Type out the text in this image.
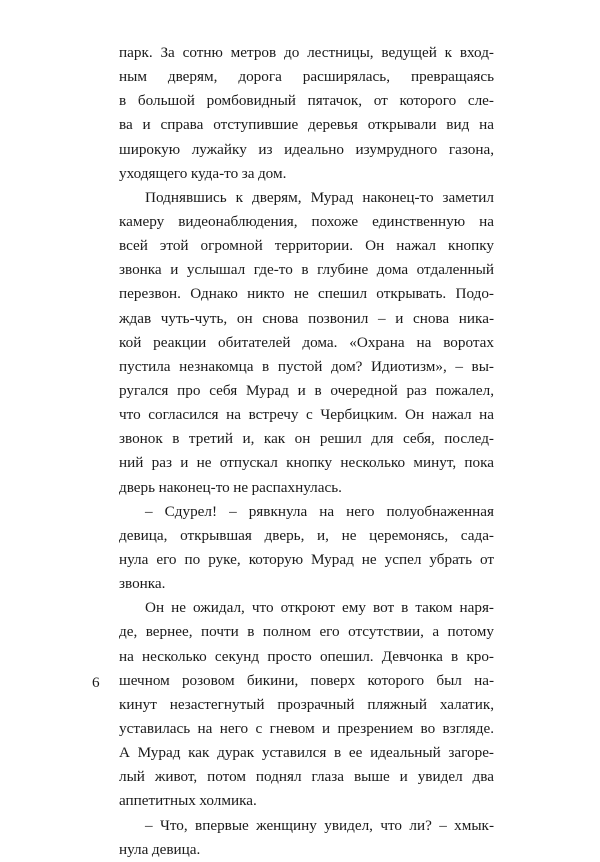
парк. За сотню метров до лестницы, ведущей к вход-
ным дверям, дорога расширялась, превращаясь
в большой ромбовидный пятачок, от которого сле-
ва и справа отступившие деревья открывали вид на
широкую лужайку из идеально изумрудного газона,
уходящего куда-то за дом.

Поднявшись к дверям, Мурад наконец-то заметил
камеру видеонаблюдения, похоже единственную на
всей этой огромной территории. Он нажал кнопку
звонка и услышал где-то в глубине дома отдаленный
перезвон. Однако никто не спешил открывать. Подо-
ждав чуть-чуть, он снова позвонил – и снова ника-
кой реакции обитателей дома. «Охрана на воротах
пустила незнакомца в пустой дом? Идиотизм», – вы-
ругался про себя Мурад и в очередной раз пожалел,
что согласился на встречу с Чербицким. Он нажал на
звонок в третий и, как он решил для себя, послед-
ний раз и не отпускал кнопку несколько минут, пока
дверь наконец-то не распахнулась.

– Сдурел! – рявкнула на него полуобнаженная
девица, открывшая дверь, и, не церемонясь, сада-
нула его по руке, которую Мурад не успел убрать от
звонка.

Он не ожидал, что откроют ему вот в таком наря-
де, вернее, почти в полном его отсутствии, а потому
на несколько секунд просто опешил. Девчонка в кро-
шечном розовом бикини, поверх которого был на-
кинут незастегнутый прозрачный пляжный халатик,
уставилась на него с гневом и презрением во взгляде.
А Мурад как дурак уставился в ее идеальный загоре-
лый живот, потом поднял глаза выше и увидел два
аппетитных холмика.

– Что, впервые женщину увидел, что ли? – хмык-
нула девица.

6
